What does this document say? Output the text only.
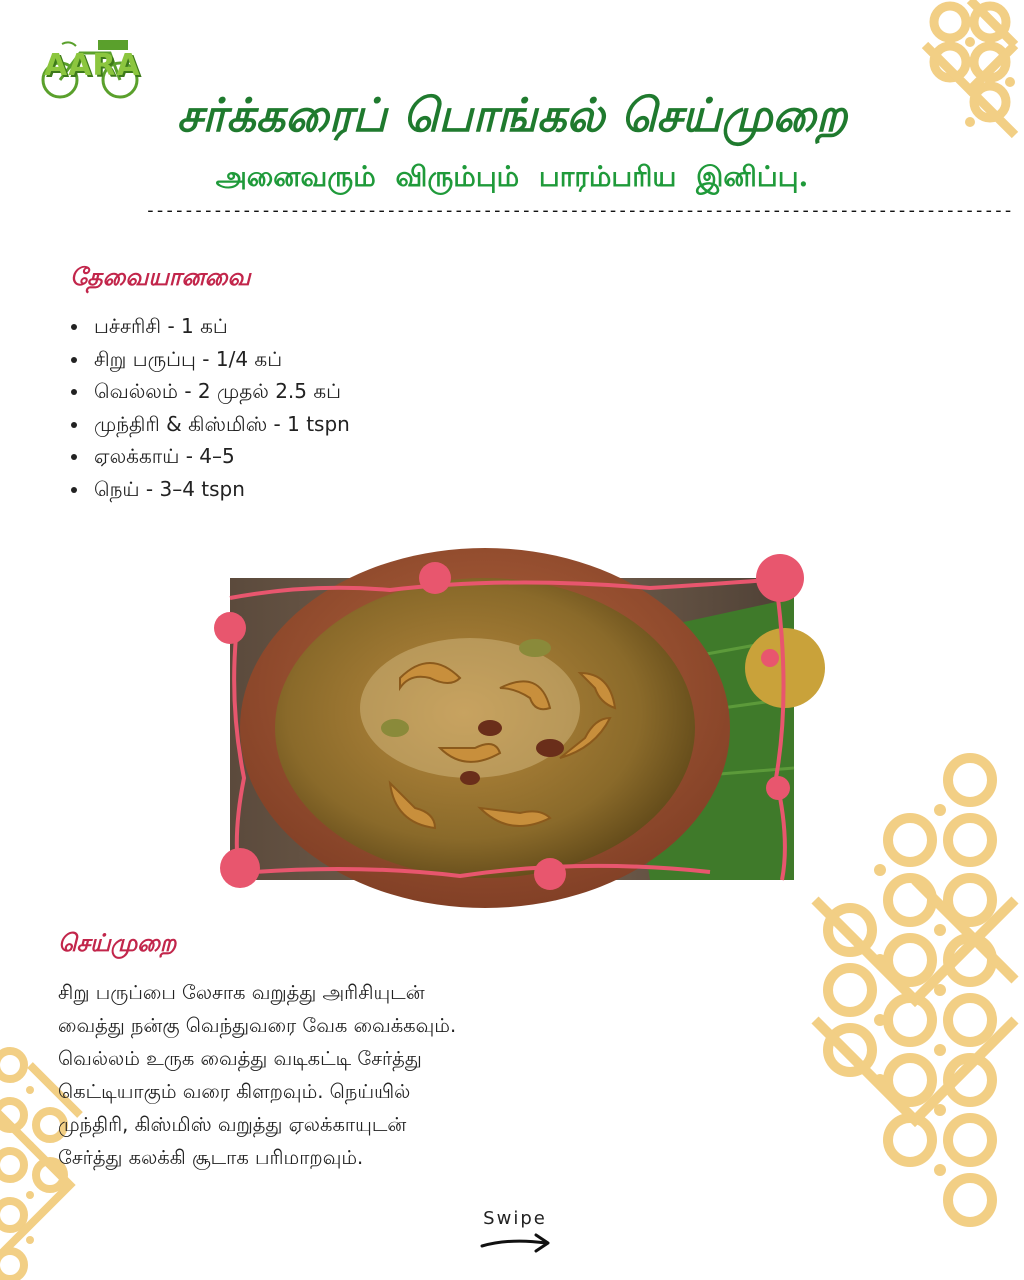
AARA
சர்க்கரைப் பொங்கல் செய்முறை
அனைவரும் விரும்பும் பாரம்பரிய இனிப்பு.
------------------------------------------------------------------------------------------
தேவையானவை
• பச்சரிசி - 1 கப்
• சிறு பருப்பு - 1/4 கப்
• வெல்லம் - 2 முதல் 2.5 கப்
• முந்திரி & கிஸ்மிஸ் - 1 tspn
• ஏலக்காய் - 4–5
• நெய் - 3–4 tspn
செய்முறை
சிறு பருப்பை லேசாக வறுத்து அரிசியுடன்
வைத்து நன்கு வெந்துவரை வேக வைக்கவும்.
வெல்லம் உருக வைத்து வடிகட்டி சேர்த்து
கெட்டியாகும் வரை கிளறவும். நெய்யில்
முந்திரி, கிஸ்மிஸ் வறுத்து ஏலக்காயுடன்
சேர்த்து கலக்கி சூடாக பரிமாறவும்.
Swipe
